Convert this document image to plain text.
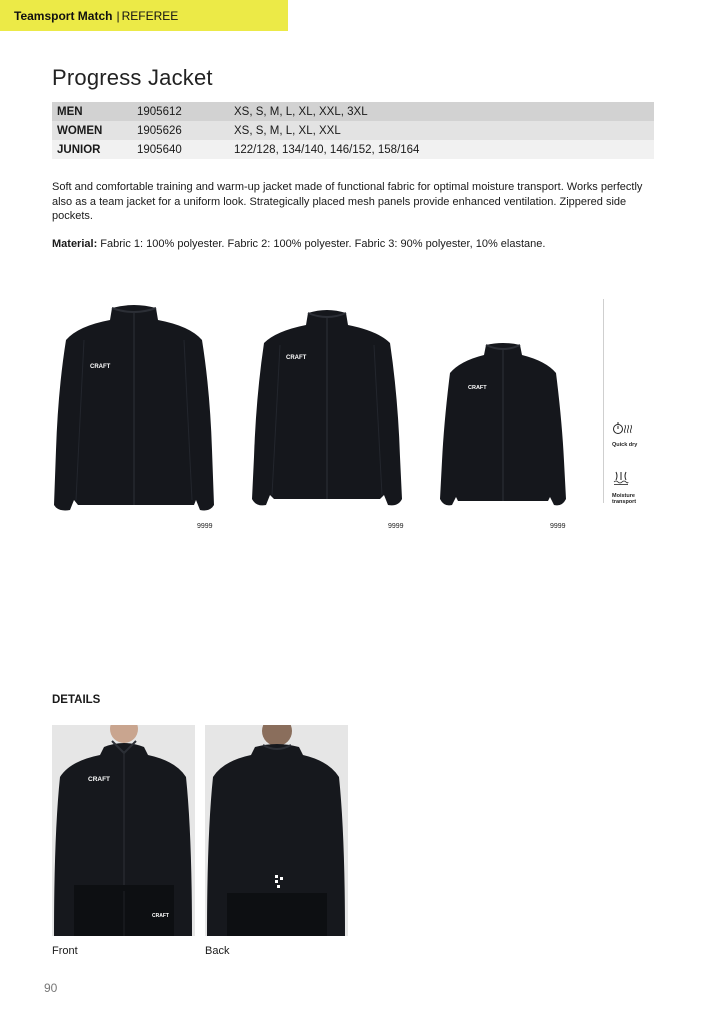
Teamsport Match | REFEREE
Progress Jacket
MEN	1905612	XS, S, M, L, XL, XXL, 3XL
WOMEN	1905626	XS, S, M, L, XL, XXL
JUNIOR	1905640	122/128, 134/140, 146/152, 158/164

Soft and comfortable training and warm-up jacket made of functional fabric for optimal moisture transport. Works perfectly also as a team jacket for a uniform look. Strategically placed mesh panels provide enhanced ventilation. Zippered side pockets.

Material: Fabric 1: 100% polyester. Fabric 2: 100% polyester. Fabric 3: 90% polyester, 10% elastane.

CRAFT
9999
CRAFT
9999
CRAFT
9999
Quick dry
Moisture
transport
DETAILS
CRAFT
CRAFT
Front	Back
90
